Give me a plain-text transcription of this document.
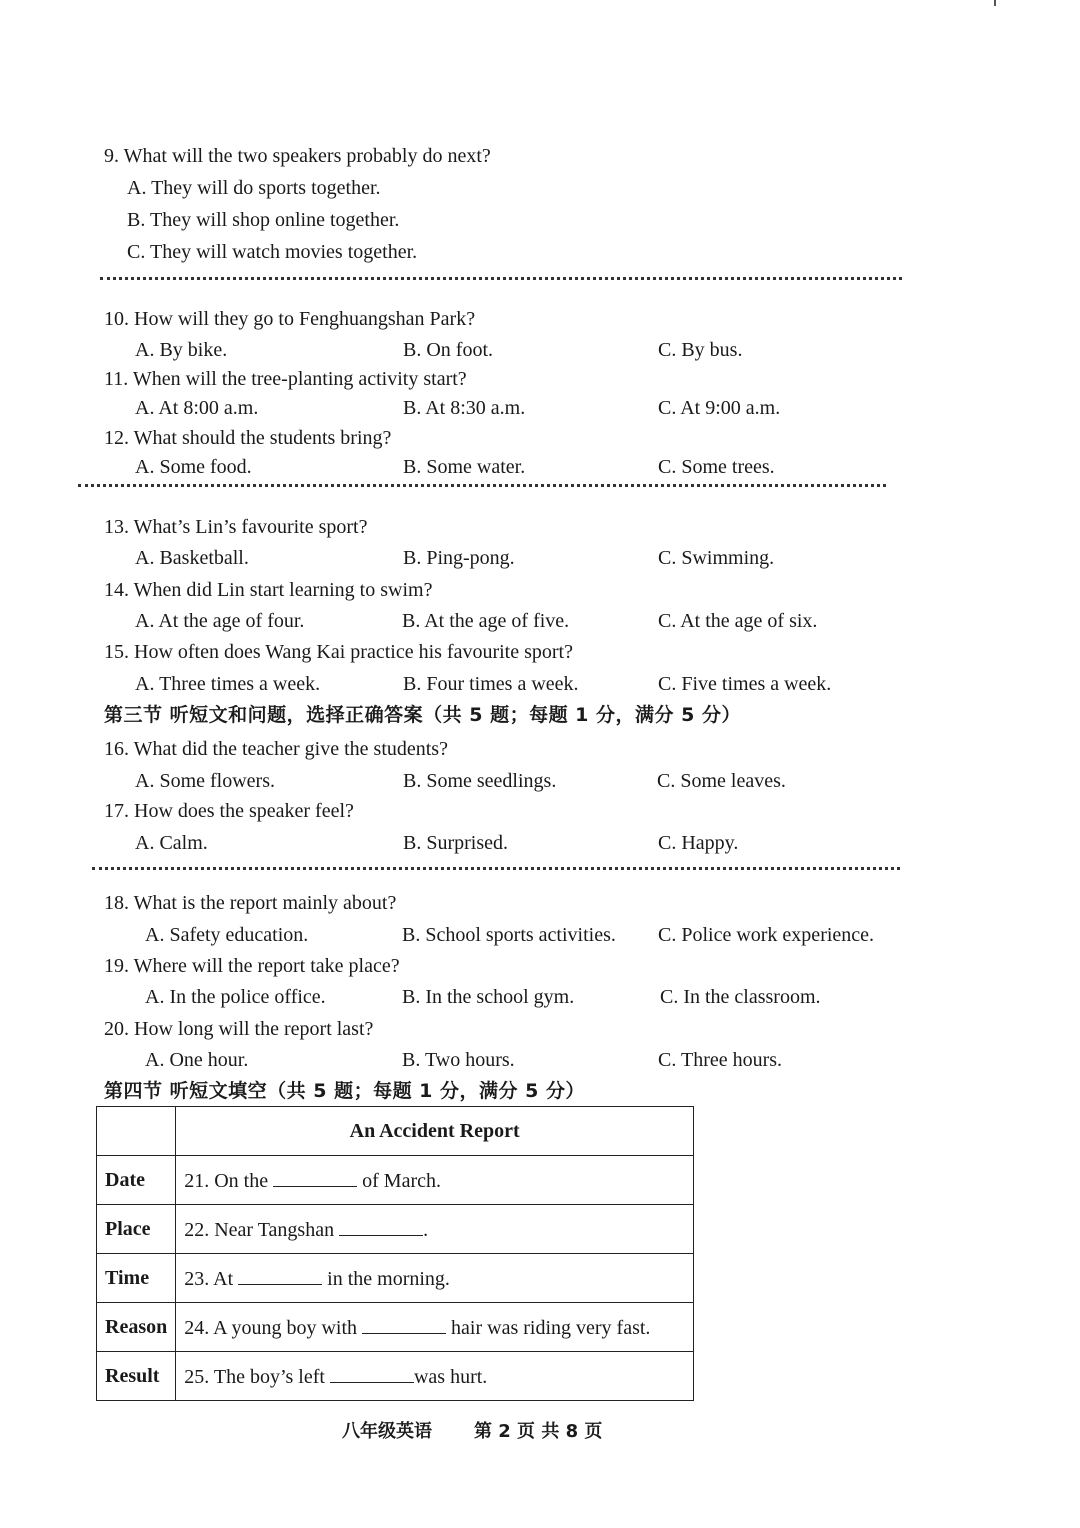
9. What will the two speakers probably do next?
A. They will do sports together.
B. They will shop online together.
C. They will watch movies together.
10. How will they go to Fenghuangshan Park?
A. By bike.	B. On foot.	C. By bus.
11. When will the tree-planting activity start?
A. At 8:00 a.m.	B. At 8:30 a.m.	C. At 9:00 a.m.
12. What should the students bring?
A. Some food.	B. Some water.	C. Some trees.
13. What’s Lin’s favourite sport?
A. Basketball.	B. Ping-pong.	C. Swimming.
14. When did Lin start learning to swim?
A. At the age of four.	B. At the age of five.	C. At the age of six.
15. How often does Wang Kai practice his favourite sport?
A. Three times a week.	B. Four times a week.	C. Five times a week.
第三节 听短文和问题，选择正确答案（共 5 题；每题 1 分，满分 5 分）
16. What did the teacher give the students?
A. Some flowers.	B. Some seedlings.	C. Some leaves.
17. How does the speaker feel?
A. Calm.	B. Surprised.	C. Happy.
18. What is the report mainly about?
A. Safety education.	B. School sports activities. C. Police work experience.
19. Where will the report take place?
A. In the police office.	B. In the school gym.	C. In the classroom.
20. How long will the report last?
A. One hour.	B. Two hours.	C. Three hours.
第四节 听短文填空（共 5 题；每题 1 分，满分 5 分）
	An Accident Report
Date	21. On the of March.
Place	22. Near Tangshan .
Time	23. At in the morning.
Reason	24. A young boy with hair was riding very fast.
Result	25. The boy’s left was hurt.
八年级英语 第 2 页 共 8 页
